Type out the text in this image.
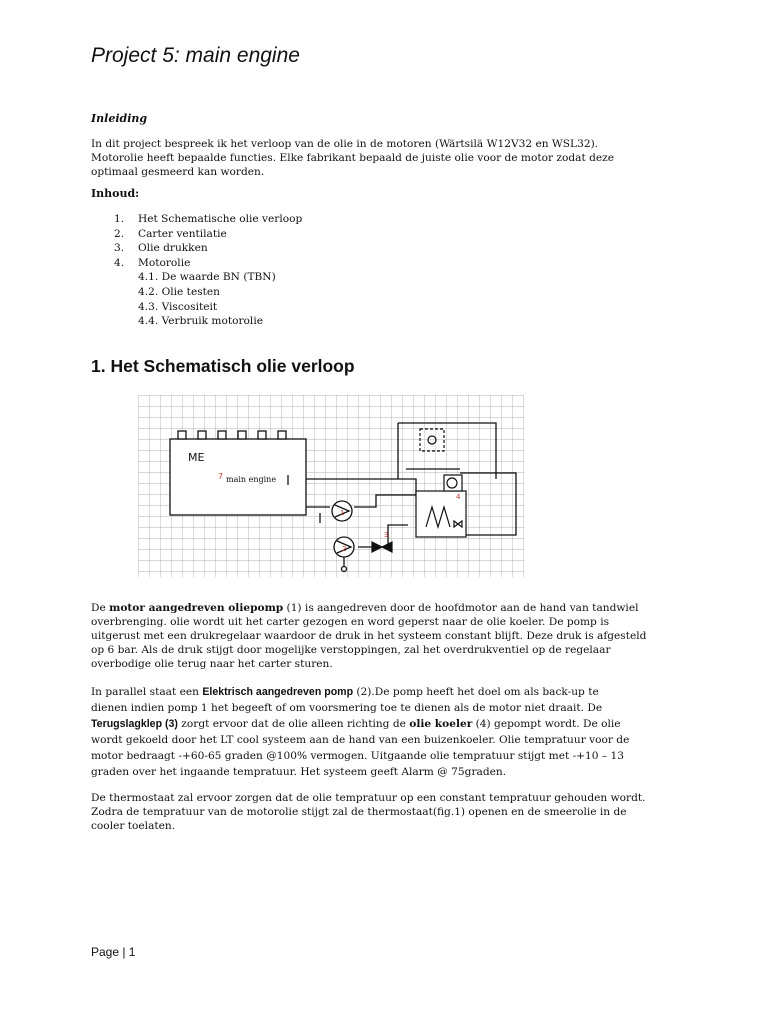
Project 5: main engine
Inleiding
In dit project bespreek ik het verloop van de olie in de motoren (Wärtsilä W12V32 en WSL32).
Motorolie heeft bepaalde functies. Elke fabrikant bepaald de juiste olie voor de motor zodat deze
optimaal gesmeerd kan worden.
Inhoud:
1.	Het Schematische olie verloop
2.	Carter ventilatie
3.	Olie drukken
4.	Motorolie
4.1. De waarde BN (TBN)
4.2. Olie testen
4.3. Viscositeit
4.4. Verbruik motorolie
1. Het Schematisch olie verloop
ME
main engine
7
4
1
2
3
De motor aangedreven oliepomp (1) is aangedreven door de hoofdmotor aan de hand van tandwiel
overbrenging. olie wordt uit het carter gezogen en word geperst naar de olie koeler. De pomp is
uitgerust met een drukregelaar waardoor de druk in het systeem constant blijft. Deze druk is afgesteld
op 6 bar. Als de druk stijgt door mogelijke verstoppingen, zal het overdrukventiel op de regelaar
overbodige olie terug naar het carter sturen.
In parallel staat een Elektrisch aangedreven pomp (2).De pomp heeft het doel om als back-up te
dienen indien pomp 1 het begeeft of om voorsmering toe te dienen als de motor niet draait. De
Terugslagklep (3) zorgt ervoor dat de olie alleen richting de olie koeler (4) gepompt wordt. De olie
wordt gekoeld door het LT cool systeem aan de hand van een buizenkoeler. Olie tempratuur voor de
motor bedraagt -+60-65 graden @100% vermogen. Uitgaande olie tempratuur stijgt met -+10 – 13
graden over het ingaande tempratuur. Het systeem geeft Alarm @ 75graden.
De thermostaat zal ervoor zorgen dat de olie tempratuur op een constant tempratuur gehouden wordt.
Zodra de tempratuur van de motorolie stijgt zal de thermostaat(fig.1) openen en de smeerolie in de
cooler toelaten.
Page | 1
